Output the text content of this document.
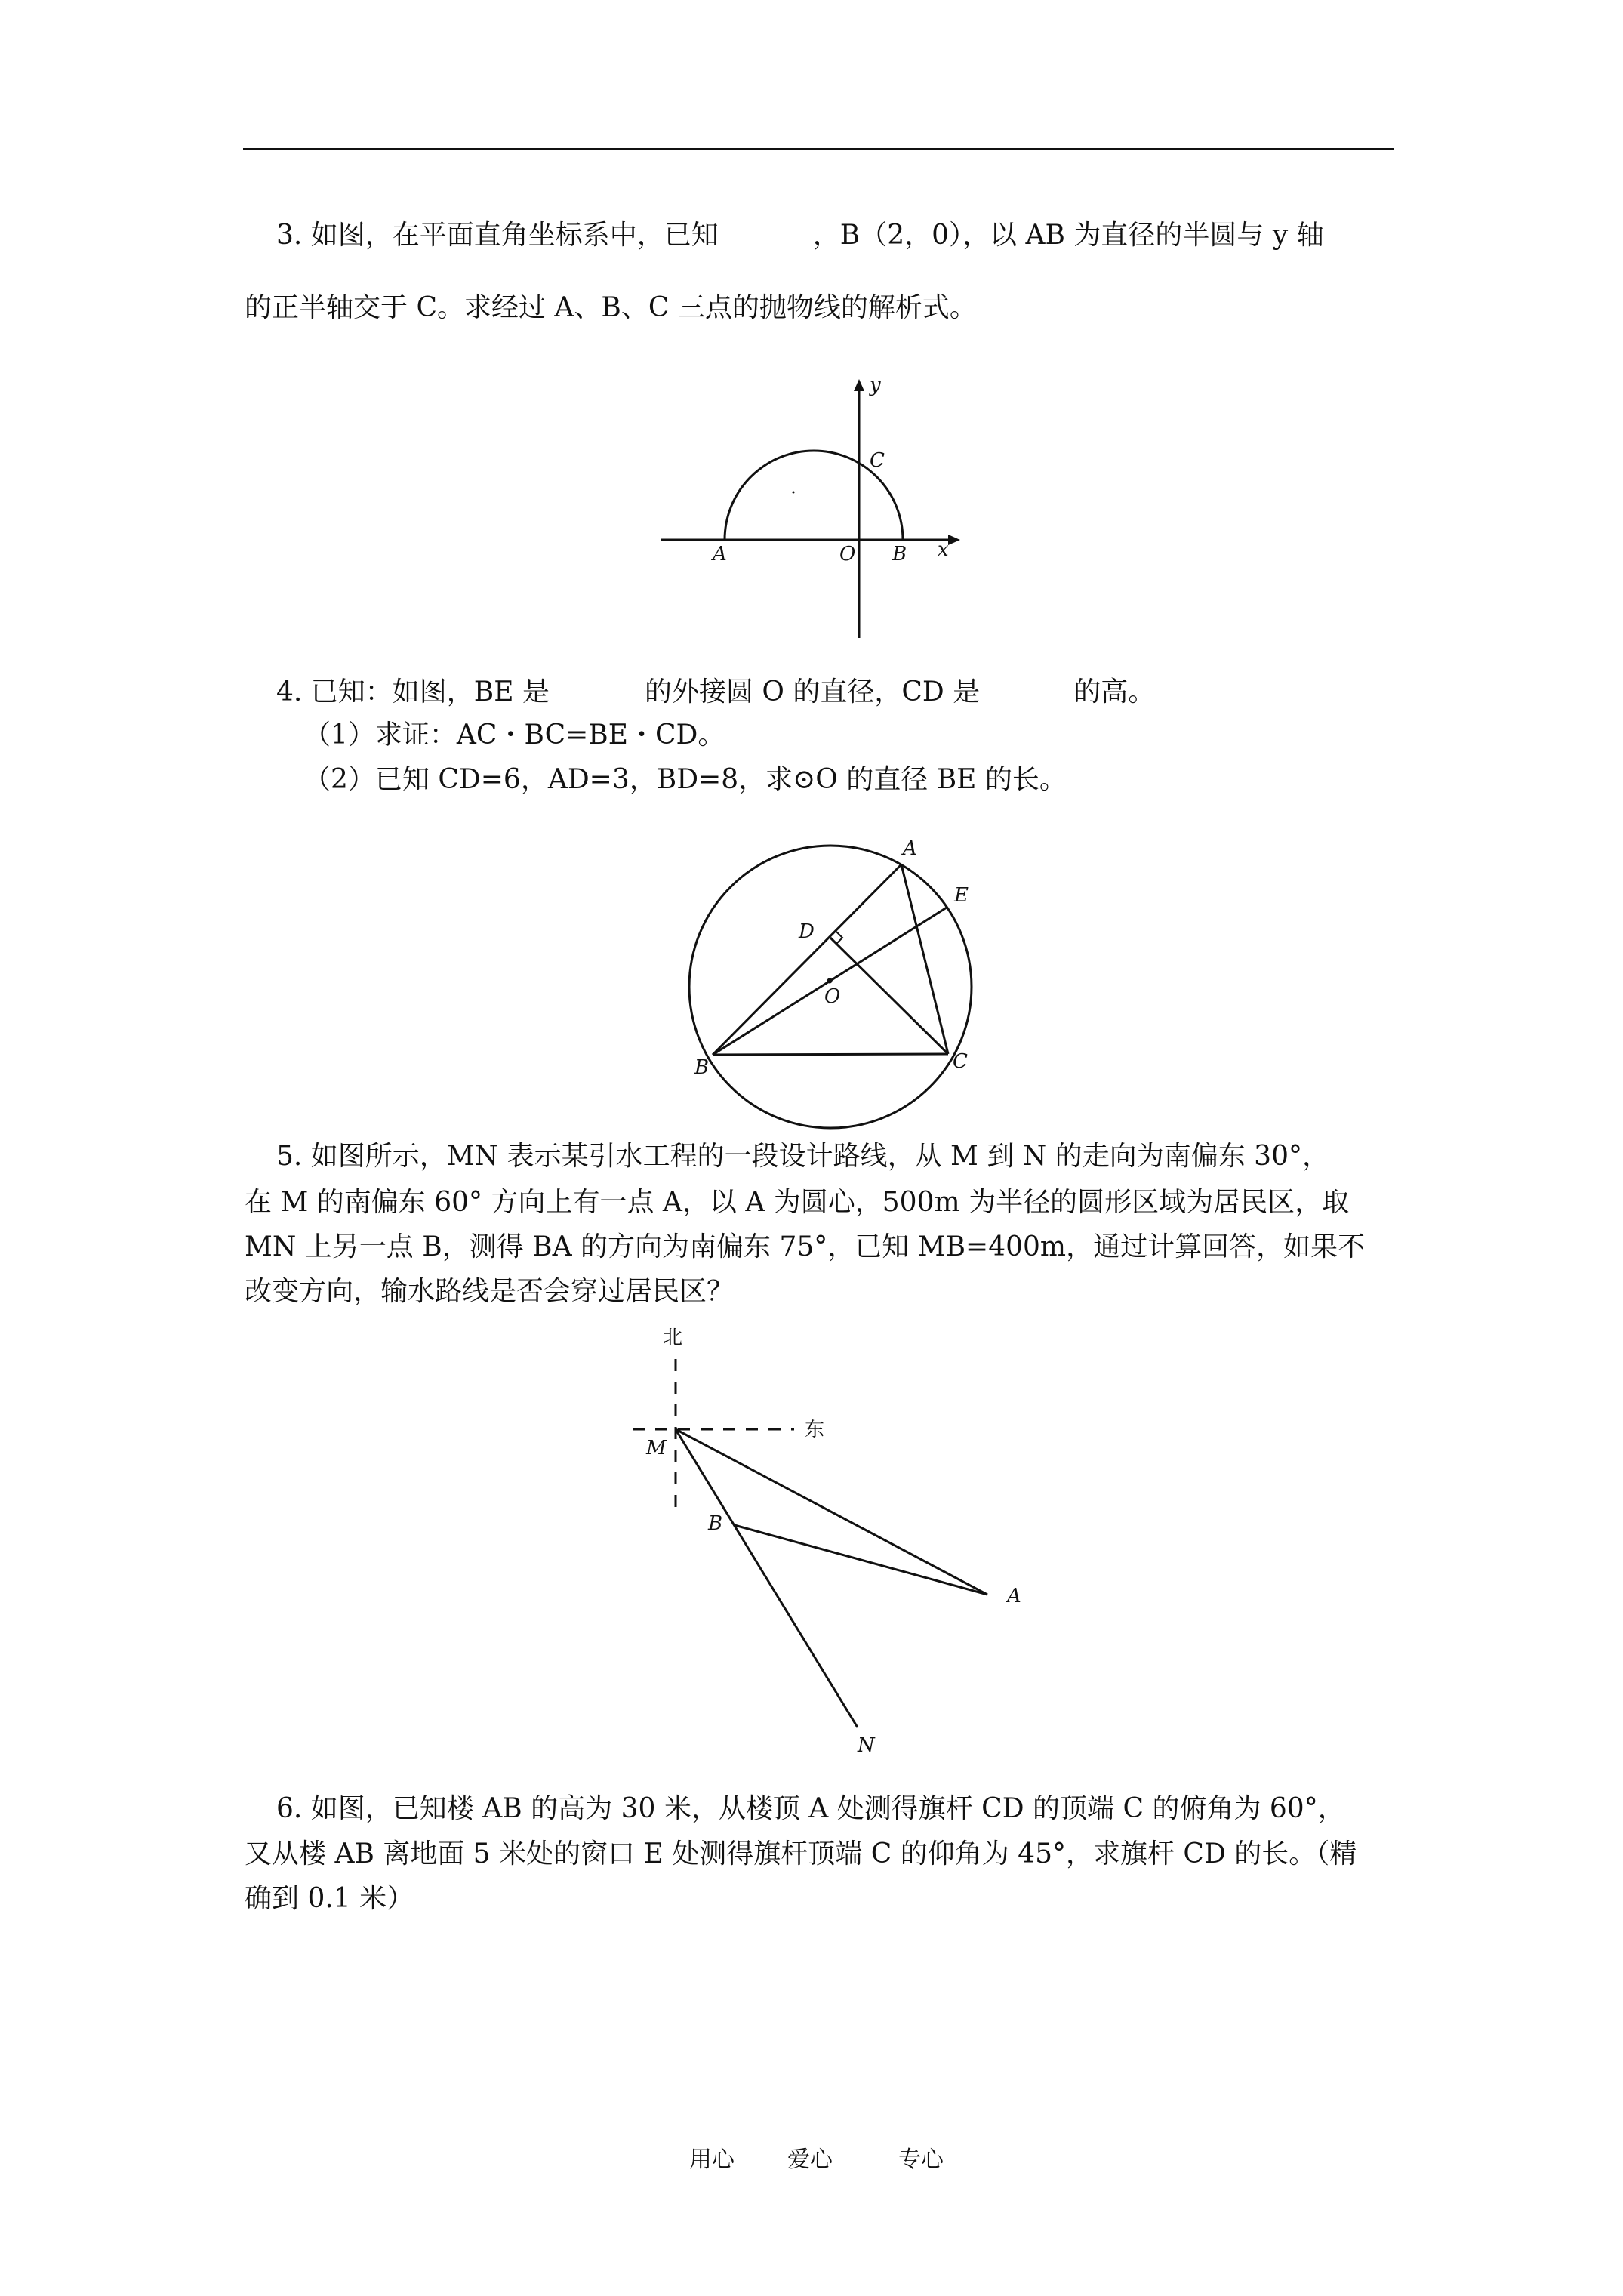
3. 如图，在平面直角坐标系中，已知	，B（2，0），以 AB 为直径的半圆与 y 轴
的正半轴交于 C。求经过 A、B、C 三点的抛物线的解析式。
y
C
x
A	O B
4. 已知：如图，BE 是	的外接圆 O 的直径，CD 是	的高。
（1）求证：AC・BC=BE・CD。
（2）已知 CD=6，AD=3，BD=8，求⊙O 的直径 BE 的长。
A
E
D
O
B	C
5. 如图所示，MN 表示某引水工程的一段设计路线，从 M 到 N 的走向为南偏东 30°，
在 M 的南偏东 60° 方向上有一点 A，以 A 为圆心，500m 为半径的圆形区域为居民区，取
MN 上另一点 B，测得 BA 的方向为南偏东 75°，已知 MB=400m，通过计算回答，如果不
改变方向，输水路线是否会穿过居民区？
北
东
M
B
A
N
6. 如图，已知楼 AB 的高为 30 米，从楼顶 A 处测得旗杆 CD 的顶端 C 的俯角为 60°，
又从楼 AB 离地面 5 米处的窗口 E 处测得旗杆顶端 C 的仰角为 45°，求旗杆 CD 的长。（精
确到 0.1 米）
用心 爱心	专心
